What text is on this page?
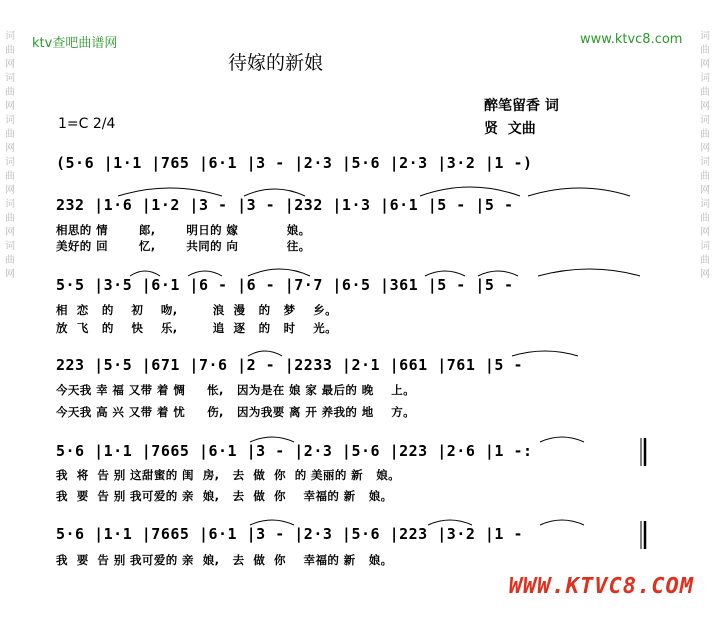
词曲网词曲网词曲网词曲网词曲网词曲网
词曲网词曲网词曲网词曲网词曲网词曲网
ktv查吧曲谱网	www.ktvc8.com
待嫁的新娘
醉笔留香 词
贤  文曲
1=C 2/4
(5·6 |1·1 |765 |6·1 |3 - |2·3 |5·6 |2·3 |3·2 |1 -)
232 |1·6 |1·2 |3 - |3 - |232 |1·3 |6·1 |5 - |5 -
相思的 情       郎,       明日的 嫁           娘。
美好的 回       忆,       共同的 向           往。
5·5 |3·5 |6·1 |6 - |6 - |7·7 |6·5 |361 |5 - |5 -
相  恋   的    初    吻,        浪  漫   的   梦    乡。
放  飞   的    快    乐,        追  逐   的   时    光。
223 |5·5 |671 |7·6 |2 - |2233 |2·1 |661 |761 |5 -
今天我 幸 福 又带 着 惆     怅,   因为是在 娘 家 最后的 晚    上。
今天我 高 兴 又带 着 忧     伤,   因为我要 离 开 养我的 地    方。
5·6 |1·1 |7665 |6·1 |3 - |2·3 |5·6 |223 |2·6 |1 -:
我  将  告 别 这甜蜜的 闺  房,   去  做  你  的 美丽的 新   娘。
我  要  告 别 我可爱的 亲  娘,   去  做  你    幸福的 新   娘。
5·6 |1·1 |7665 |6·1 |3 - |2·3 |5·6 |223 |3·2 |1 -
我  要  告 别 我可爱的 亲  娘,   去  做  你    幸福的 新   娘。
WWW.KTVC8.COM
